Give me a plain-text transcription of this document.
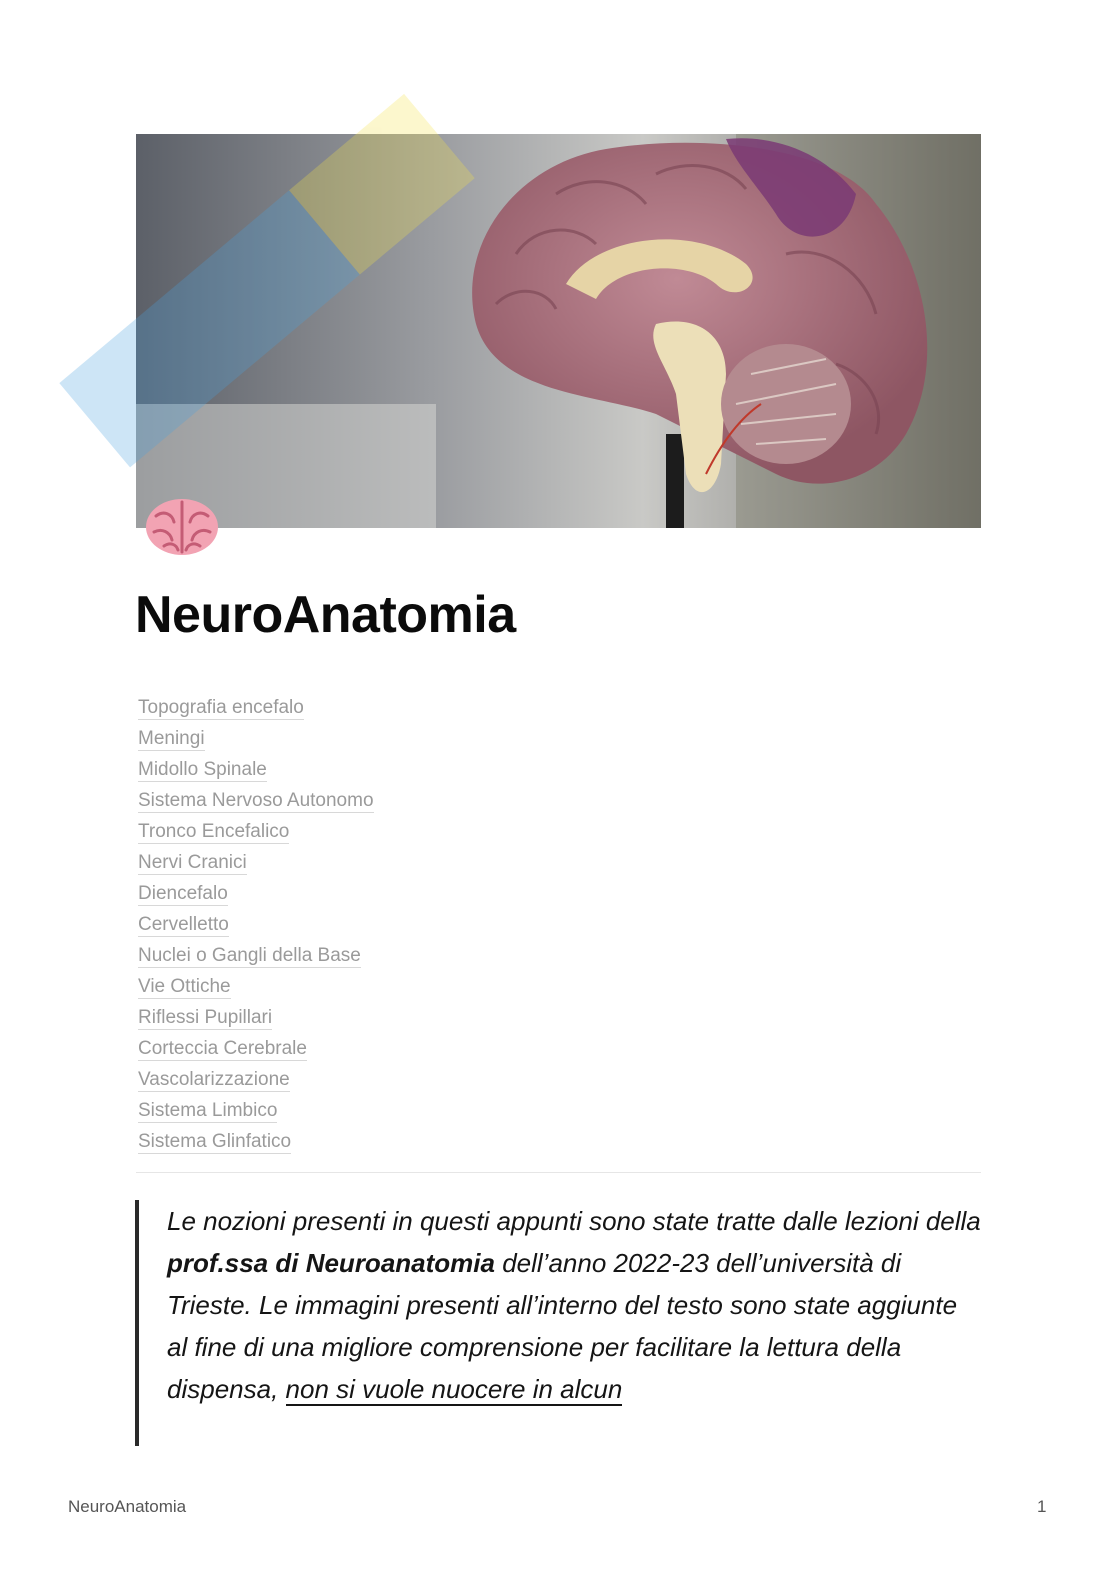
NeuroAnatomia
Topografia encefalo
Meningi
Midollo Spinale
Sistema Nervoso Autonomo
Tronco Encefalico
Nervi Cranici
Diencefalo
Cervelletto
Nuclei o Gangli della Base
Vie Ottiche
Riflessi Pupillari
Corteccia Cerebrale
Vascolarizzazione
Sistema Limbico
Sistema Glinfatico

Le nozioni presenti in questi appunti sono state tratte dalle lezioni della prof.ssa di Neuroanatomia dell’anno 2022-23 dell’università di Trieste. Le immagini presenti all’interno del testo sono state aggiunte al fine di una migliore comprensione per facilitare la lettura della dispensa, non si vuole nuocere in alcun

NeuroAnatomia	1
